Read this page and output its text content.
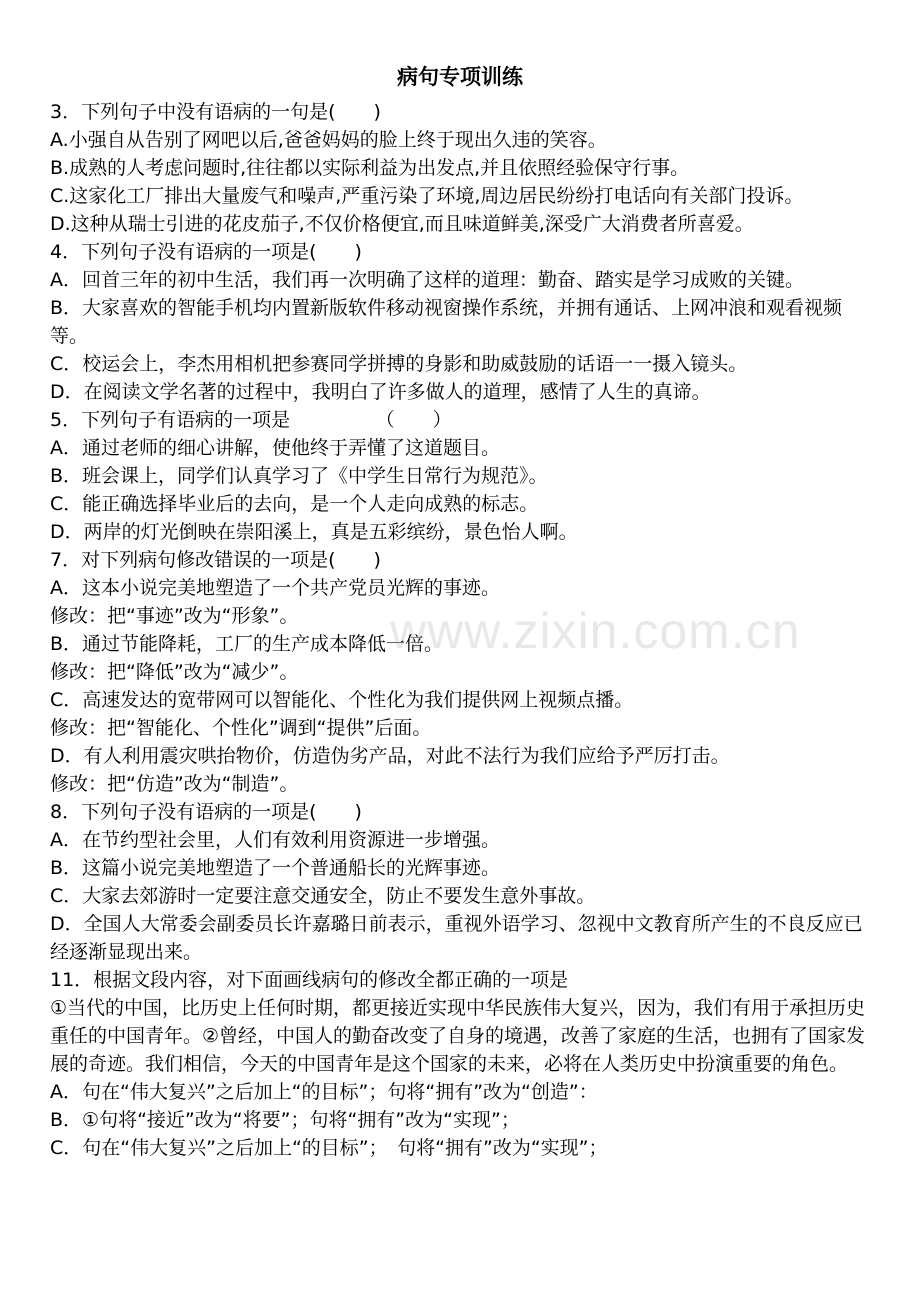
病句专项训练
3．下列句子中没有语病的一句是(　　)
A.小强自从告别了网吧以后,爸爸妈妈的脸上终于现出久违的笑容。
B.成熟的人考虑问题时,往往都以实际利益为出发点,并且依照经验保守行事。
C.这家化工厂排出大量废气和噪声,严重污染了环境,周边居民纷纷打电话向有关部门投诉。
D.这种从瑞士引进的花皮茄子,不仅价格便宜,而且味道鲜美,深受广大消费者所喜爱。
4．下列句子没有语病的一项是(　　)
A．回首三年的初中生活，我们再一次明确了这样的道理：勤奋、踏实是学习成败的关键。
B．大家喜欢的智能手机均内置新版软件移动视窗操作系统，并拥有通话、上网冲浪和观看视频等。
C．校运会上，李杰用相机把参赛同学拼搏的身影和助威鼓励的话语一一摄入镜头。
D．在阅读文学名著的过程中，我明白了许多做人的道理，感情了人生的真谛。
5．下列句子有语病的一项是　　　　　（　　）
A．通过老师的细心讲解，使他终于弄懂了这道题目。
B．班会课上，同学们认真学习了《中学生日常行为规范》。
C．能正确选择毕业后的去向，是一个人走向成熟的标志。
D．两岸的灯光倒映在崇阳溪上，真是五彩缤纷，景色怡人啊。
7．对下列病句修改错误的一项是(　　)
A．这本小说完美地塑造了一个共产党员光辉的事迹。
修改：把“事迹”改为“形象”。
B．通过节能降耗，工厂的生产成本降低一倍。
修改：把“降低”改为“减少”。
C．高速发达的宽带网可以智能化、个性化为我们提供网上视频点播。
修改：把“智能化、个性化”调到“提供”后面。
D．有人利用震灾哄抬物价，仿造伪劣产品，对此不法行为我们应给予严厉打击。
修改：把“仿造”改为“制造”。
8．下列句子没有语病的一项是(　　)
A．在节约型社会里，人们有效利用资源进一步增强。
B．这篇小说完美地塑造了一个普通船长的光辉事迹。
C．大家去郊游时一定要注意交通安全，防止不要发生意外事故。
D．全国人大常委会副委员长许嘉璐日前表示，重视外语学习、忽视中文教育所产生的不良反应已经逐渐显现出来。
11．根据文段内容，对下面画线病句的修改全都正确的一项是
①当代的中国，比历史上任何时期，都更接近实现中华民族伟大复兴，因为，我们有用于承担历史重任的中国青年。②曾经，中国人的勤奋改变了自身的境遇，改善了家庭的生活，也拥有了国家发展的奇迹。我们相信，今天的中国青年是这个国家的未来，必将在人类历史中扮演重要的角色。
A．句在“伟大复兴”之后加上“的目标”；句将“拥有”改为“创造”：
B．①句将“接近”改为“将要”；句将“拥有”改为“实现”；
C．句在“伟大复兴”之后加上“的目标”；　句将“拥有”改为“实现”；
www.zixin.com.cn
